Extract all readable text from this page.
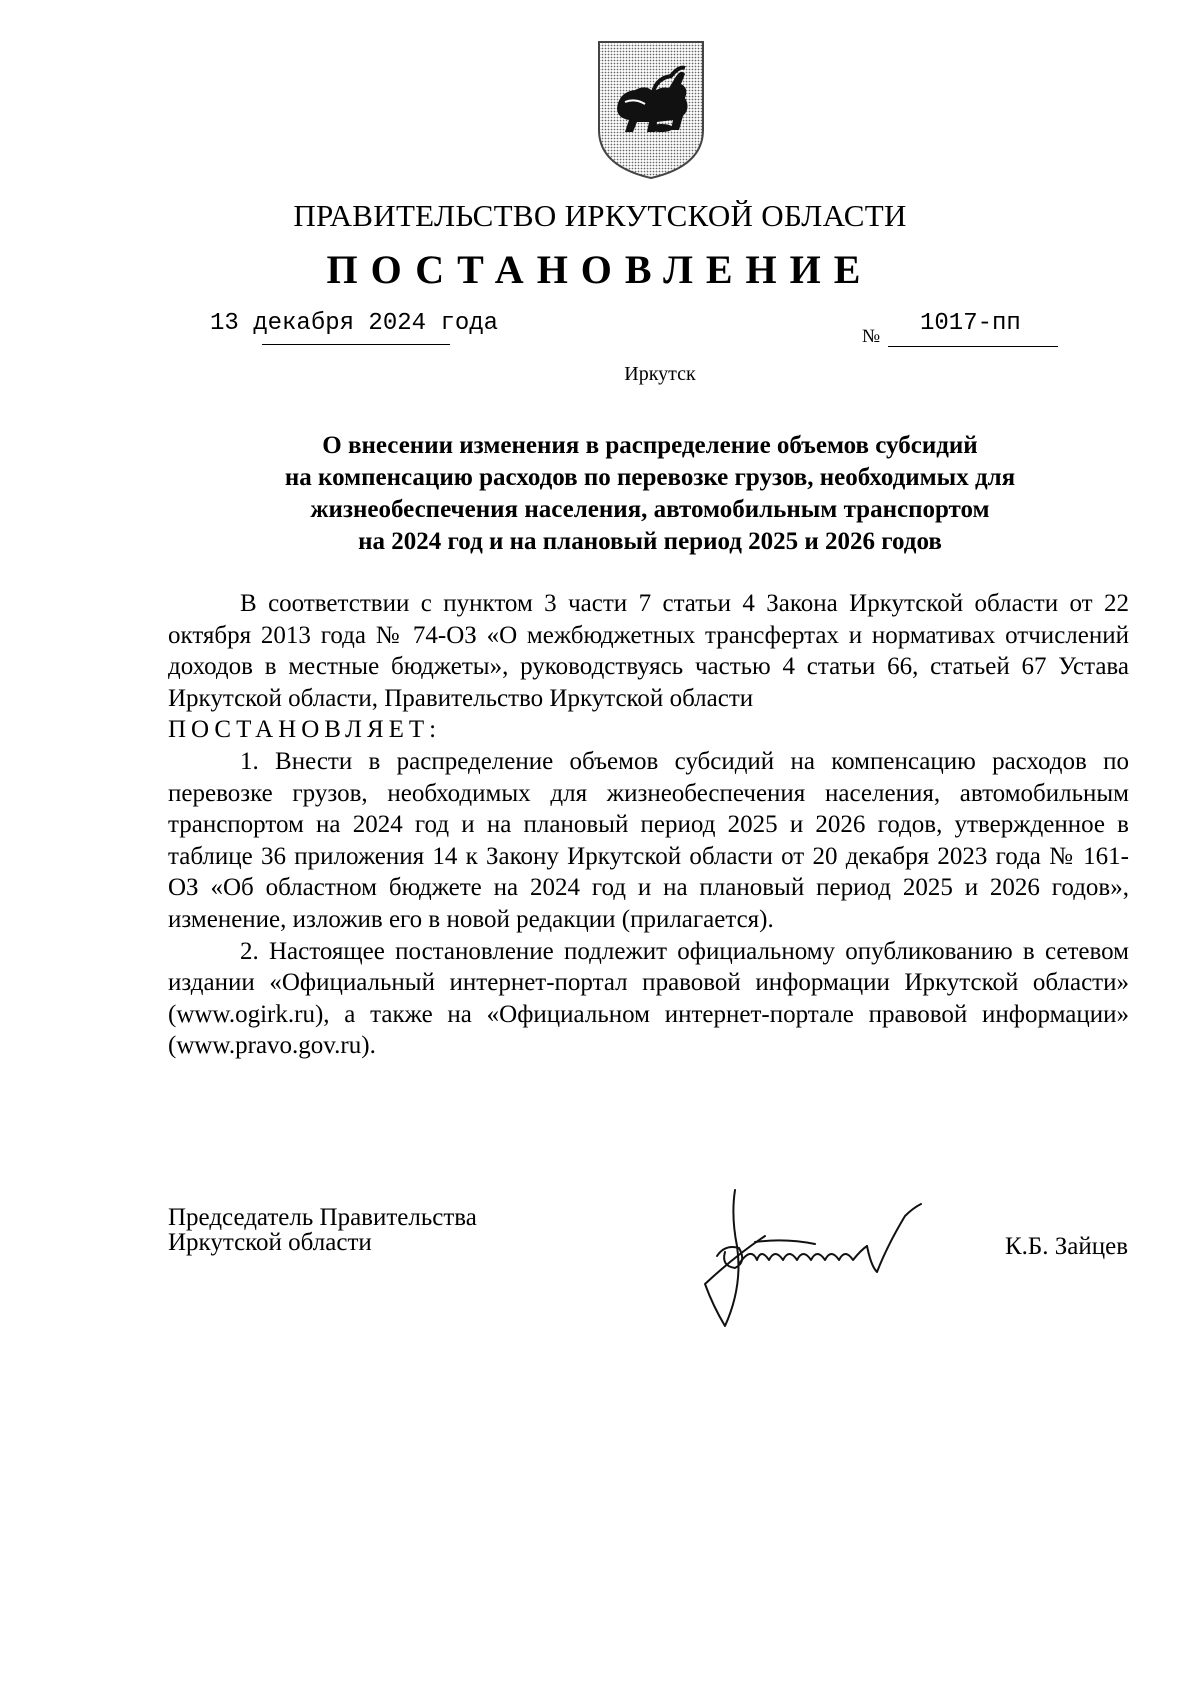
ПРАВИТЕЛЬСТВО ИРКУТСКОЙ ОБЛАСТИ
ПОСТАНОВЛЕНИЕ
13 декабря 2024 года	№ 1017-пп
Иркутск
О внесении изменения в распределение объемов субсидий
на компенсацию расходов по перевозке грузов, необходимых для
жизнеобеспечения населения, автомобильным транспортом
на 2024 год и на плановый период 2025 и 2026 годов

В соответствии с пунктом 3 части 7 статьи 4 Закона Иркутской области от 22 октября 2013 года № 74-ОЗ «О межбюджетных трансфертах и нормативах отчислений доходов в местные бюджеты», руководствуясь частью 4 статьи 66, статьей 67 Устава Иркутской области, Правительство Иркутской области

ПОСТАНОВЛЯЕТ:

1. Внести в распределение объемов субсидий на компенсацию расходов по перевозке грузов, необходимых для жизнеобеспечения населения, автомобильным транспортом на 2024 год и на плановый период 2025 и 2026 годов, утвержденное в таблице 36 приложения 14 к Закону Иркутской области от 20 декабря 2023 года № 161-ОЗ «Об областном бюджете на 2024 год и на плановый период 2025 и 2026 годов», изменение, изложив его в новой редакции (прилагается).

2. Настоящее постановление подлежит официальному опубликованию в сетевом издании «Официальный интернет-портал правовой информации Иркутской области» (www.ogirk.ru), а также на «Официальном интернет-портале правовой информации» (www.pravo.gov.ru).

Председатель Правительства
Иркутской области	К.Б. Зайцев
